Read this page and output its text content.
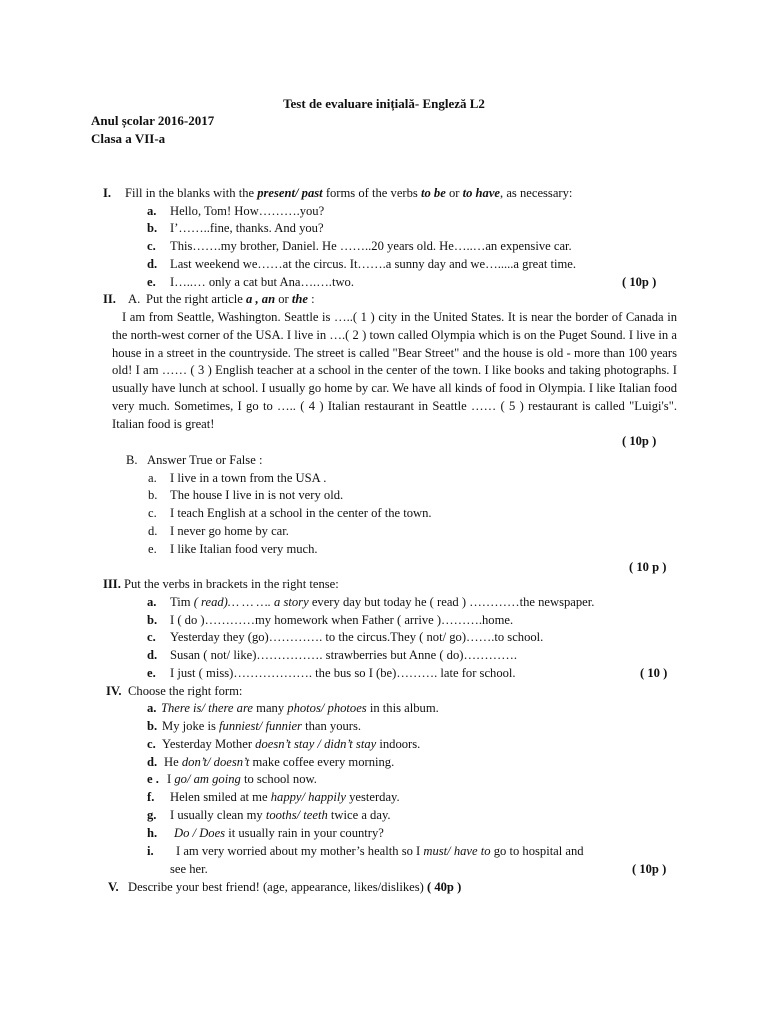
Test de evaluare inițială- Engleză L2
Anul școlar 2016-2017
Clasa a VII-a
I. Fill in the blanks with the present/ past forms of the verbs to be or to have, as necessary:
a. Hello, Tom! How……….you?
b. I’……..fine, thanks. And you?
c. This…….my brother, Daniel. He ……..20 years old. He…..…an expensive car.
d. Last weekend we……at the circus. It…….a sunny day and we….....a great time.
e. I…..… only a cat but Ana….….two.	( 10p )
II. A. Put the right article a , an or the :
I am from Seattle, Washington. Seattle is …..( 1 ) city in the United States. It is near the border of Canada in the north-west corner of the USA. I live in ….( 2 ) town called Olympia which is on the Puget Sound. I live in a house in a street in the countryside. The street is called "Bear Street" and the house is old - more than 100 years old! I am …… ( 3 ) English teacher at a school in the center of the town. I like books and taking photographs. I usually have lunch at school. I usually go home by car. We have all kinds of food in Olympia. I like Italian food very much. Sometimes, I go to ….. ( 4 ) Italian restaurant in Seattle …… ( 5 ) restaurant is called "Luigi's". Italian food is great!
( 10p )
B. Answer True or False :
a. I live in a town from the USA .
b. The house I live in is not very old.
c. I teach English at a school in the center of the town.
d. I never go home by car.
e. I like Italian food very much.
( 10 p )
III. Put the verbs in brackets in the right tense:
a. Tim ( read)… … …. a story every day but today he ( read ) …………the newspaper.
b. I ( do )…………my homework when Father ( arrive )……….home.
c. Yesterday they (go)…………. to the circus.They ( not/ go)…….to school.
d. Susan ( not/ like)……………. strawberries but Anne ( do)………….
e. I just ( miss)………………. the bus so I (be)………. late for school.	( 10 )
IV. Choose the right form:
a. There is/ there are many photos/ photoes in this album.
b. My joke is funniest/ funnier than yours.
c. Yesterday Mother doesn’t stay / didn’t stay indoors.
d. He don’t/ doesn’t make coffee every morning.
e . I go/ am going to school now.
f. Helen smiled at me happy/ happily yesterday.
g. I usually clean my tooths/ teeth twice a day.
h. Do / Does it usually rain in your country?
i. I am very worried about my mother’s health so I must/ have to go to hospital and
see her.	( 10p )
V. Describe your best friend! (age, appearance, likes/dislikes) ( 40p )
